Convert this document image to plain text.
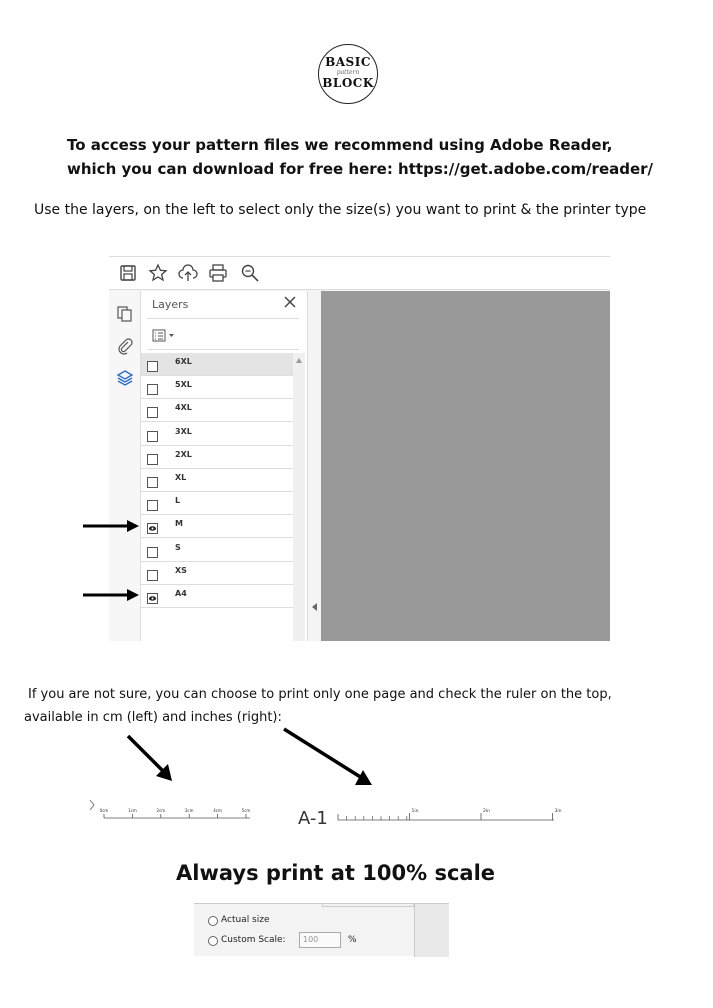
BASIC
pattern
BLOCK
To access your pattern files we recommend using Adobe Reader,
which you can download for free here: https://get.adobe.com/reader/
Use the layers, on the left to select only the size(s) you want to print & the printer type
Layers
6XL
5XL
4XL
3XL
2XL
XL
L
M
S
XS
A4
If you are not sure, you can choose to print only one page and check the ruler on the top,
available in cm (left) and inches (right):
0cm	1cm	2cm	3cm	4cm	5cm	A-1	1in	2in	3in
Always print at 100% scale
Actual size
Custom Scale:	100	%
